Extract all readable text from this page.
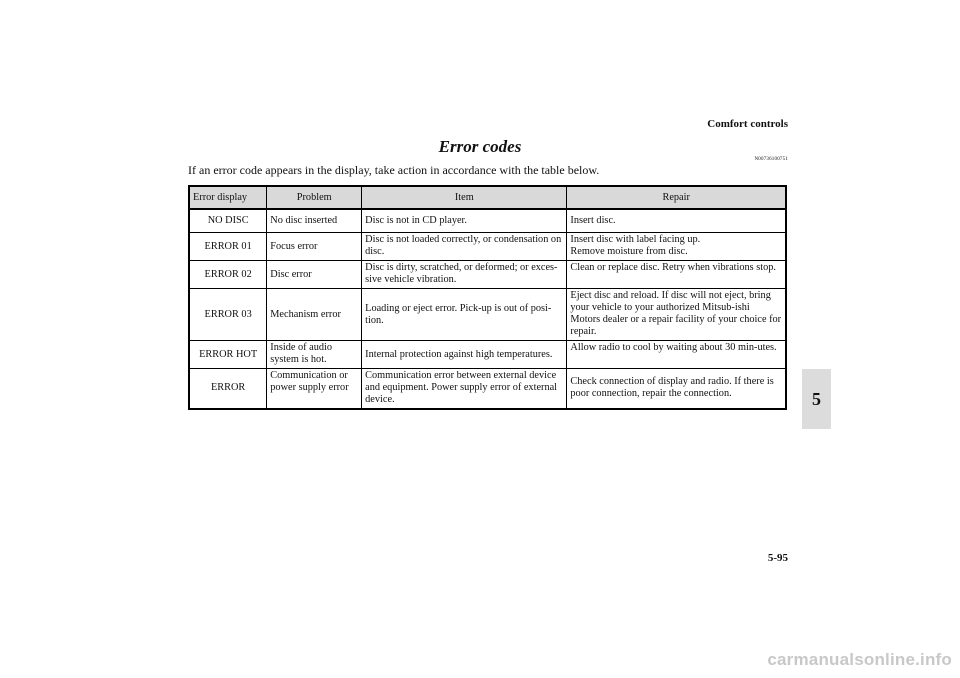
Comfort controls
Error codes
N00736100751
If an error code appears in the display, take action in accordance with the table below.
Error display	Problem	Item	Repair
NO DISC	No disc inserted	Disc is not in CD player.	Insert disc.
ERROR 01	Focus error	Disc is not loaded correctly, or condensation on disc.	Insert disc with label facing up.
Remove moisture from disc.
ERROR 02	Disc error	Disc is dirty, scratched, or deformed; or exces-sive vehicle vibration.	Clean or replace disc. Retry when vibrations stop.
ERROR 03	Mechanism error	Loading or eject error. Pick-up is out of posi-tion.	Eject disc and reload. If disc will not eject, bring your vehicle to your authorized Mitsub-ishi Motors dealer or a repair facility of your choice for repair.
ERROR HOT	Inside of audio system is hot.	Internal protection against high temperatures.	Allow radio to cool by waiting about 30 min-utes.
ERROR	Communication or power supply error	Communication error between external device and equipment. Power supply error of external device.	Check connection of display and radio. If there is poor connection, repair the connection.	5
5-95
carmanualsonline.info
